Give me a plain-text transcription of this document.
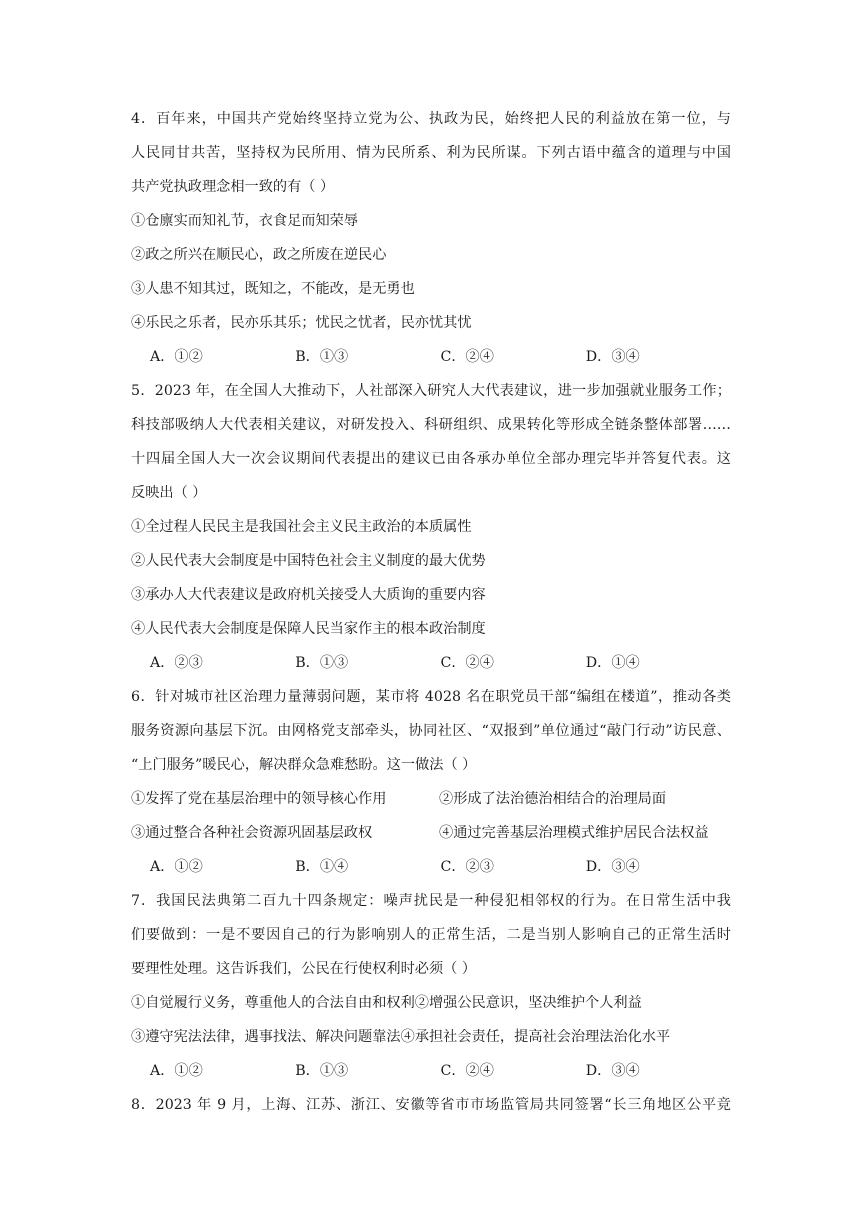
4．百年来，中国共产党始终坚持立党为公、执政为民，始终把人民的利益放在第一位，与
人民同甘共苦，坚持权为民所用、情为民所系、利为民所谋。下列古语中蕴含的道理与中国
共产党执政理念相一致的有（ ）
①仓廪实而知礼节，衣食足而知荣辱
②政之所兴在顺民心，政之所废在逆民心
③人患不知其过，既知之，不能改，是无勇也
④乐民之乐者，民亦乐其乐；忧民之忧者，民亦忧其忧
A．①②	B．①③	C．②④	D．③④
5．2023 年，在全国人大推动下，人社部深入研究人大代表建议，进一步加强就业服务工作；
科技部吸纳人大代表相关建议，对研发投入、科研组织、成果转化等形成全链条整体部署……
十四届全国人大一次会议期间代表提出的建议已由各承办单位全部办理完毕并答复代表。这
反映出（ ）
①全过程人民民主是我国社会主义民主政治的本质属性
②人民代表大会制度是中国特色社会主义制度的最大优势
③承办人大代表建议是政府机关接受人大质询的重要内容
④人民代表大会制度是保障人民当家作主的根本政治制度
A．②③	B．①③	C．②④	D．①④
6．针对城市社区治理力量薄弱问题，某市将 4028 名在职党员干部“编组在楼道”，推动各类
服务资源向基层下沉。由网格党支部牵头，协同社区、“双报到”单位通过“敲门行动”访民意、
“上门服务”暖民心，解决群众急难愁盼。这一做法（ ）
①发挥了党在基层治理中的领导核心作用	②形成了法治德治相结合的治理局面
③通过整合各种社会资源巩固基层政权	④通过完善基层治理模式维护居民合法权益
A．①②	B．①④	C．②③	D．③④
7．我国民法典第二百九十四条规定：噪声扰民是一种侵犯相邻权的行为。在日常生活中我
们要做到：一是不要因自己的行为影响别人的正常生活，二是当别人影响自己的正常生活时
要理性处理。这告诉我们，公民在行使权利时必须（ ）
①自觉履行义务，尊重他人的合法自由和权利 ②增强公民意识，坚决维护个人利益
③遵守宪法法律，遇事找法、解决问题靠法 ④承担社会责任，提高社会治理法治化水平
A．①②	B．①③	C．②④	D．③④
8．2023 年 9 月，上海、江苏、浙江、安徽等省市市场监管局共同签署“长三角地区公平竞
